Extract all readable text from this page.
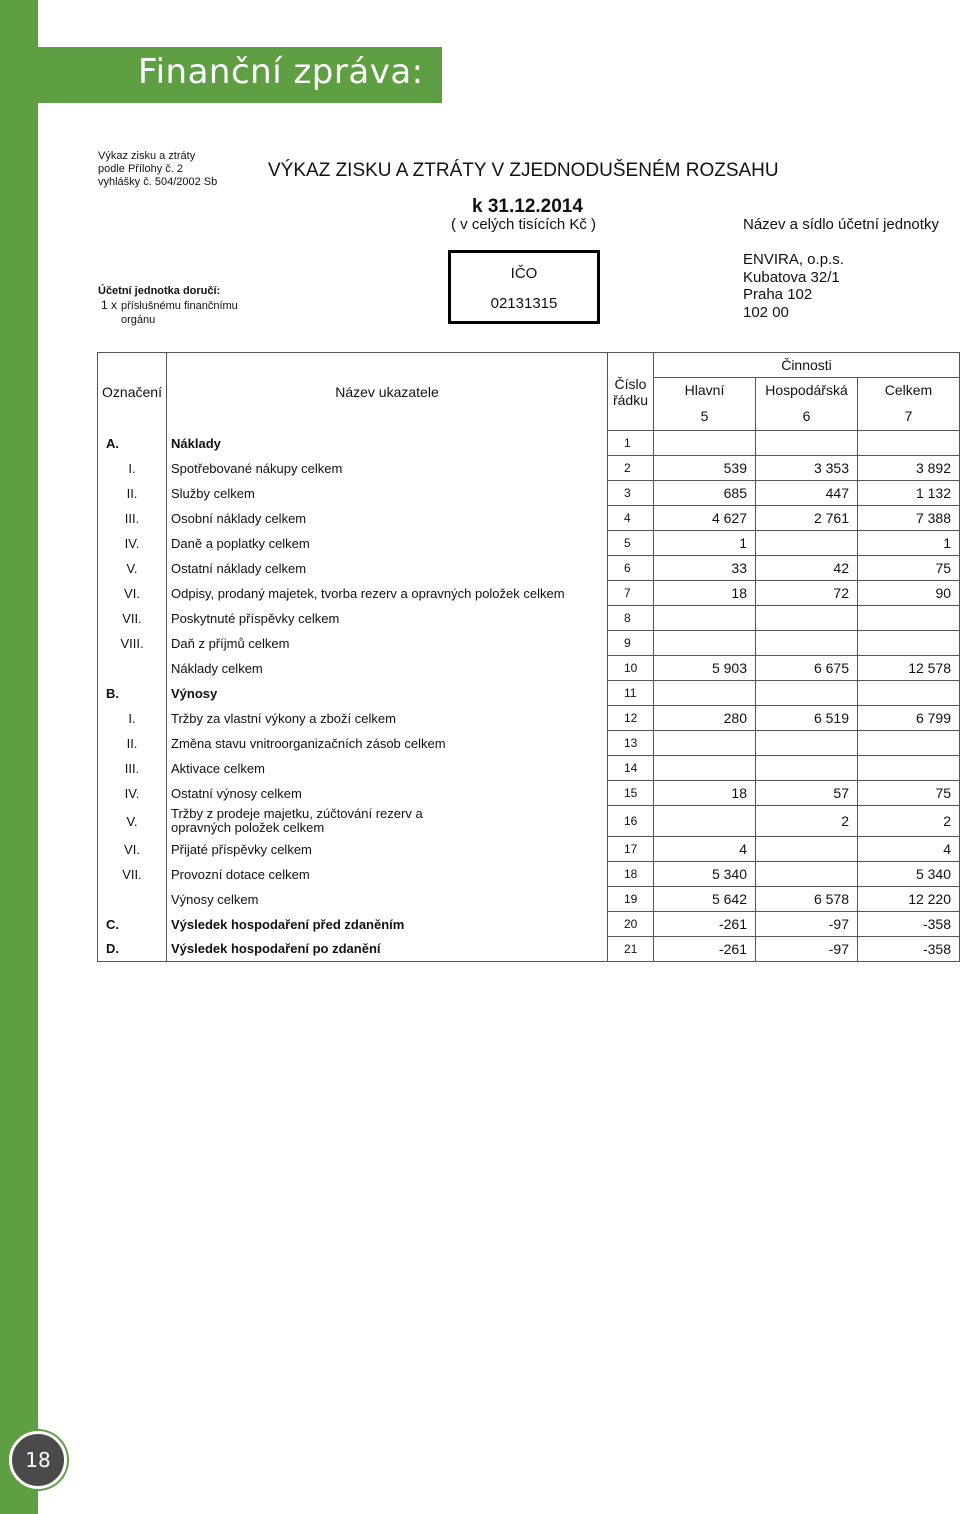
Finanční zpráva:
18
Výkaz zisku a ztráty
podle Přílohy č. 2
vyhlášky č. 504/2002 Sb
VÝKAZ ZISKU A ZTRÁTY V ZJEDNODUŠENÉM ROZSAHU
k 31.12.2014
( v celých tisících Kč )	Název a sídlo účetní jednotky
IČO
02131315
ENVIRA, o.p.s.
Kubatova 32/1
Praha 102
102 00
Účetní jednotka doručí:
1 x příslušnému finančnímu
orgánu
Označení	Název ukazatele	Číslo
řádku	Činnosti		
			Hlavní	Hospodářská	Celkem
			5	6	7
A.	Náklady	1			
I.	Spotřebované nákupy celkem	2	539	3 353	3 892
II.	Služby celkem	3	685	447	1 132
III.	Osobní náklady celkem	4	4 627	2 761	7 388
IV.	Daně a poplatky celkem	5	1		1
V.	Ostatní náklady celkem	6	33	42	75
VI.	Odpisy, prodaný majetek, tvorba rezerv a opravných položek celkem	7	18	72	90
VII.	Poskytnuté příspěvky celkem	8			
VIII.	Daň z příjmů celkem	9			
	Náklady celkem	10	5 903	6 675	12 578
B.	Výnosy	11			
I.	Tržby za vlastní výkony a zboží celkem	12	280	6 519	6 799
II.	Změna stavu vnitroorganizačních zásob celkem	13			
III.	Aktivace celkem	14			
IV.	Ostatní výnosy celkem	15	18	57	75
V.	Tržby z prodeje majetku, zúčtování rezerv a
opravných položek celkem	16		2	2
VI.	Přijaté příspěvky celkem	17	4		4
VII.	Provozní dotace celkem	18	5 340		5 340
	Výnosy celkem	19	5 642	6 578	12 220
C.	Výsledek hospodaření před zdaněním	20	-261	-97	-358
D.	Výsledek hospodaření po zdanění	21	-261	-97	-358
